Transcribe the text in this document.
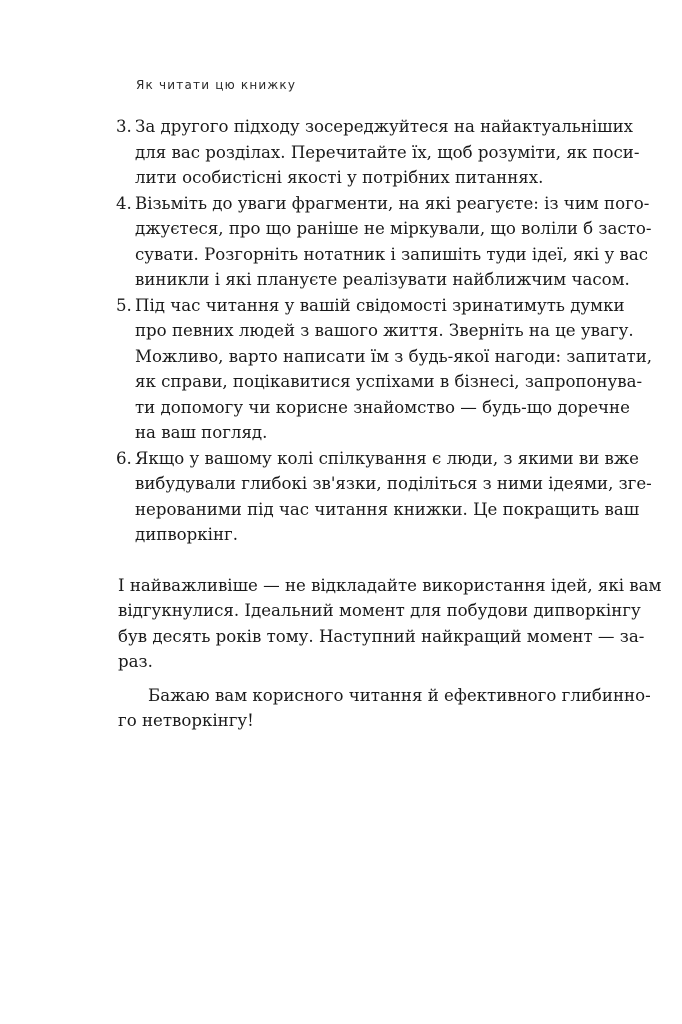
Як читати цю книжку
3. За другого підходу зосереджуйтеся на найактуальніших
для вас розділах. Перечитайте їх, щоб розуміти, як поси-
лити особистісні якості у потрібних питаннях.
4. Візьміть до уваги фрагменти, на які реагуєте: із чим пого-
джуєтеся, про що раніше не міркували, що воліли б засто-
сувати. Розгорніть нотатник і запишіть туди ідеї, які у вас
виникли і які плануєте реалізувати найближчим часом.
5. Під час читання у вашій свідомості зринатимуть думки
про певних людей з вашого життя. Зверніть на це увагу.
Можливо, варто написати їм з будь-якої нагоди: запитати,
як справи, поцікавитися успіхами в бізнесі, запропонува-
ти допомогу чи корисне знайомство — будь-що доречне
на ваш погляд.
6. Якщо у вашому колі спілкування є люди, з якими ви вже
вибудували глибокі зв'язки, поділіться з ними ідеями, зге-
нерованими під час читання книжки. Це покращить ваш
дипворкінг.

І найважливіше — не відкладайте використання ідей, які вам
відгукнулися. Ідеальний момент для побудови дипворкінгу
був десять років тому. Наступний найкращий момент — за-
раз.

Бажаю вам корисного читання й ефективного глибинно-
го нетворкінгу!
